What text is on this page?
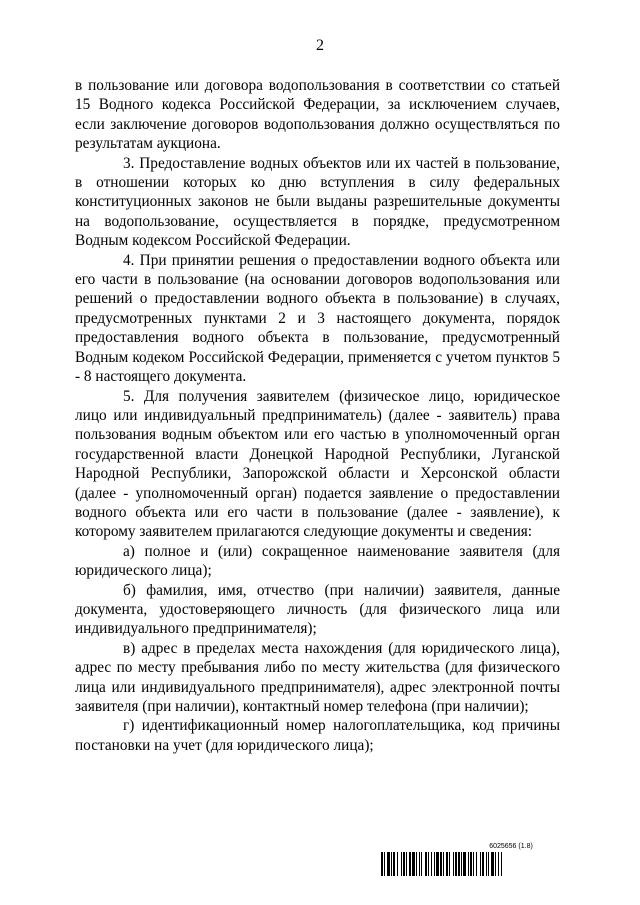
2

в пользование или договора водопользования в соответствии со статьей 15 Водного кодекса Российской Федерации, за исключением случаев, если заключение договоров водопользования должно осуществляться по результатам аукциона.

3. Предоставление водных объектов или их частей в пользование, в отношении которых ко дню вступления в силу федеральных конституционных законов не были выданы разрешительные документы на водопользование, осуществляется в порядке, предусмотренном Водным кодексом Российской Федерации.

4. При принятии решения о предоставлении водного объекта или его части в пользование (на основании договоров водопользования или решений о предоставлении водного объекта в пользование) в случаях, предусмотренных пунктами 2 и 3 настоящего документа, порядок предоставления водного объекта в пользование, предусмотренный Водным кодеком Российской Федерации, применяется с учетом пунктов 5 - 8 настоящего документа.

5. Для получения заявителем (физическое лицо, юридическое лицо или индивидуальный предприниматель) (далее - заявитель) права пользования водным объектом или его частью в уполномоченный орган государственной власти Донецкой Народной Республики, Луганской Народной Республики, Запорожской области и Херсонской области (далее - уполномоченный орган) подается заявление о предоставлении водного объекта или его части в пользование (далее - заявление), к которому заявителем прилагаются следующие документы и сведения:

а) полное и (или) сокращенное наименование заявителя (для юридического лица);

б) фамилия, имя, отчество (при наличии) заявителя, данные документа, удостоверяющего личность (для физического лица или индивидуального предпринимателя);

в) адрес в пределах места нахождения (для юридического лица), адрес по месту пребывания либо по месту жительства (для физического лица или индивидуального предпринимателя), адрес электронной почты заявителя (при наличии), контактный номер телефона (при наличии);

г) идентификационный номер налогоплательщика, код причины постановки на учет (для юридического лица);

6025656 (1.8)
